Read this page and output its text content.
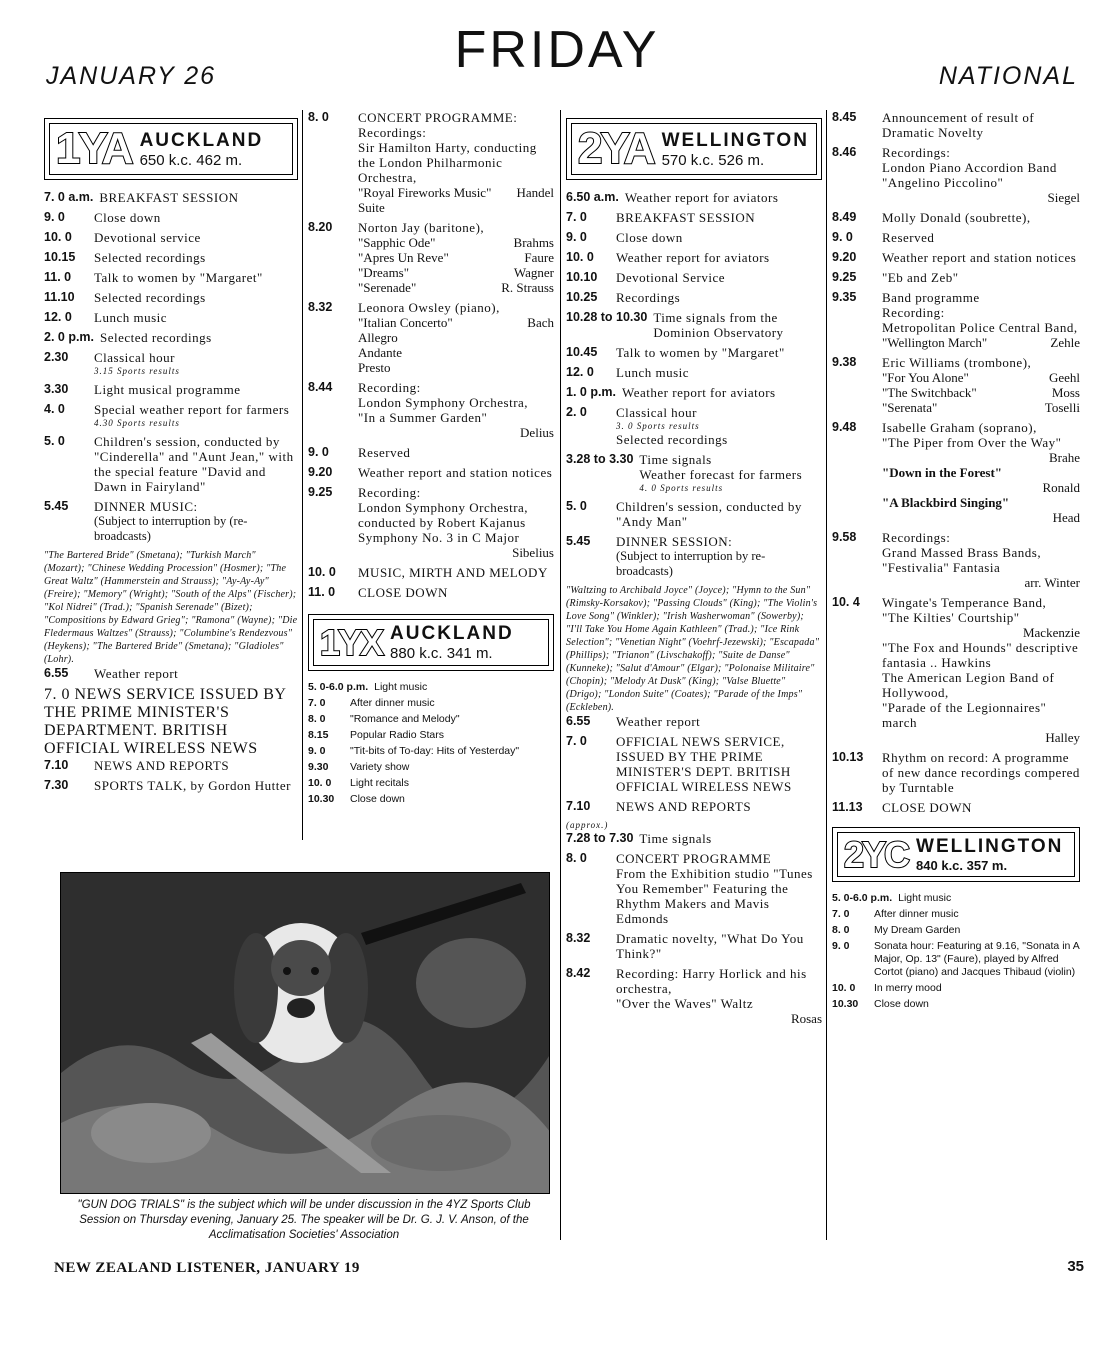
JANUARY 26	FRIDAY	NATIONAL
1YA AUCKLAND
650 k.c. 462 m.
7. 0 a.m. BREAKFAST SESSION
9. 0	Close down
10. 0	Devotional service
10.15	Selected recordings
11. 0	Talk to women by "Margaret"
11.10	Selected recordings
12. 0	Lunch music
2. 0 p.m. Selected recordings
2.30	Classical hour
3.15 Sports results
3.30	Light musical programme
4. 0	Special weather report for farmers
4.30 Sports results
5. 0	Children's session, conducted by "Cinderella" and "Aunt Jean," with the special feature "David and Dawn in Fairyland"
5.45	DINNER MUSIC:
(Subject to interruption by (re-broadcasts)
"The Bartered Bride" (Smetana); "Turkish March" (Mozart); "Chinese Wedding Procession" (Hosmer); "The Great Waltz" (Hammerstein and Strauss); "Ay-Ay-Ay" (Freire); "Memory" (Wright); "South of the Alps" (Fischer); "Kol Nidrei" (Trad.); "Spanish Serenade" (Bizet); "Compositions by Edward Grieg"; "Ramona" (Wayne); "Die Fledermaus Waltzes" (Strauss); "Columbine's Rendezvous" (Heykens); "The Bartered Bride" (Smetana); "Gladioles" (Lohr).
6.55	Weather report
7. 0 NEWS SERVICE ISSUED BY THE PRIME MINISTER'S DEPARTMENT. BRITISH OFFICIAL WIRELESS NEWS
7.10	NEWS AND REPORTS
7.30	SPORTS TALK, by Gordon Hutter
8. 0	CONCERT PROGRAMME:
Recordings:
Sir Hamilton Harty, conducting the London Philharmonic Orchestra,
"Royal Fireworks Music" Suite
Handel
8.20	Norton Jay (baritone),
"Sapphic Ode"	Brahms
"Apres Un Reve"	Faure
"Dreams"	Wagner
"Serenade"	R. Strauss
8.32	Leonora Owsley (piano),
"Italian Concerto"	Bach
Allegro
Andante
Presto
8.44	Recording:
London Symphony Orchestra,
"In a Summer Garden"
Delius
9. 0	Reserved
9.20	Weather report and station notices
9.25	Recording:
London Symphony Orchestra, conducted by Robert Kajanus
Symphony No. 3 in C Major
Sibelius
10. 0	MUSIC, MIRTH AND MELODY
11. 0	CLOSE DOWN
1YX AUCKLAND
880 k.c. 341 m.
5. 0-6.0 p.m. Light music
7. 0	After dinner music
8. 0	"Romance and Melody"
8.15	Popular Radio Stars
9. 0	"Tit-bits of To-day: Hits of Yesterday"
9.30	Variety show
10. 0	Light recitals
10.30	Close down
"GUN DOG TRIALS" is the subject which will be under discussion in the 4YZ Sports Club Session on Thursday evening, January 25. The speaker will be Dr. G. J. V. Anson, of the Acclimatisation Societies' Association
2YA WELLINGTON
570 k.c. 526 m.
6.50 a.m. Weather report for aviators
7. 0	BREAKFAST SESSION
9. 0	Close down
10. 0	Weather report for aviators
10.10	Devotional Service
10.25	Recordings
10.28 to 10.30 Time signals from the Dominion Observatory
10.45	Talk to women by "Margaret"
12. 0	Lunch music
1. 0 p.m. Weather report for aviators
2. 0	Classical hour
3. 0 Sports results
Selected recordings
3.28 to 3.30 Time signals
Weather forecast for farmers
4. 0 Sports results
5. 0	Children's session, conducted by "Andy Man"
5.45	DINNER SESSION:
(Subject to interruption by re-broadcasts)
"Waltzing to Archibald Joyce" (Joyce); "Hymn to the Sun" (Rimsky-Korsakov); "Passing Clouds" (King); "The Violin's Love Song" (Winkler); "Irish Washerwoman" (Sowerby); "I'll Take You Home Again Kathleen" (Trad.); "Ice Rink Selection"; "Venetian Night" (Voehrf-Jezewski); "Escapada" (Phillips); "Trianon" (Livschakoff); "Suite de Danse" (Kunneke); "Salut d'Amour" (Elgar); "Polonaise Militaire" (Chopin); "Melody At Dusk" (King); "Valse Bluette" (Drigo); "London Suite" (Coates); "Parade of the Imps" (Eckleben).
6.55	Weather report
7. 0	OFFICIAL NEWS SERVICE, ISSUED BY THE PRIME MINISTER'S DEPT. BRITISH OFFICIAL WIRELESS NEWS
7.10	NEWS AND REPORTS
(approx.)
7.28 to 7.30 Time signals
8. 0	CONCERT PROGRAMME
From the Exhibition studio "Tunes You Remember" Featuring the Rhythm Makers and Mavis Edmonds
8.32	Dramatic novelty, "What Do You Think?"
8.42	Recording: Harry Horlick and his orchestra,
"Over the Waves" Waltz
Rosas
8.45	Announcement of result of Dramatic Novelty
8.46	Recordings:
London Piano Accordion Band
"Angelino Piccolino"
Siegel
8.49	Molly Donald (soubrette),
9. 0	Reserved
9.20	Weather report and station notices
9.25	"Eb and Zeb"
9.35	Band programme
Recording:
Metropolitan Police Central Band,
"Wellington March"	Zehle
9.38	Eric Williams (trombone),
"For You Alone"	Geehl
"The Switchback"	Moss
"Serenata"	Toselli
9.48	Isabelle Graham (soprano),
"The Piper from Over the Way"
Brahe
"Down in the Forest"
Ronald
"A Blackbird Singing"
Head
9.58	Recordings:
Grand Massed Brass Bands,
"Festivalia" Fantasia
arr. Winter
10. 4	Wingate's Temperance Band,
"The Kilties' Courtship"
Mackenzie
"The Fox and Hounds" descriptive fantasia .. Hawkins
The American Legion Band of Hollywood,
"Parade of the Legionnaires" march
Halley
10.13	Rhythm on record: A programme of new dance recordings compered by Turntable
11.13	CLOSE DOWN
2YC WELLINGTON
840 k.c. 357 m.
5. 0-6.0 p.m. Light music
7. 0	After dinner music
8. 0	My Dream Garden
9. 0	Sonata hour: Featuring at 9.16, "Sonata in A Major, Op. 13" (Faure), played by Alfred Cortot (piano) and Jacques Thibaud (violin)
10. 0	In merry mood
10.30	Close down
NEW ZEALAND LISTENER, JANUARY 19	35
